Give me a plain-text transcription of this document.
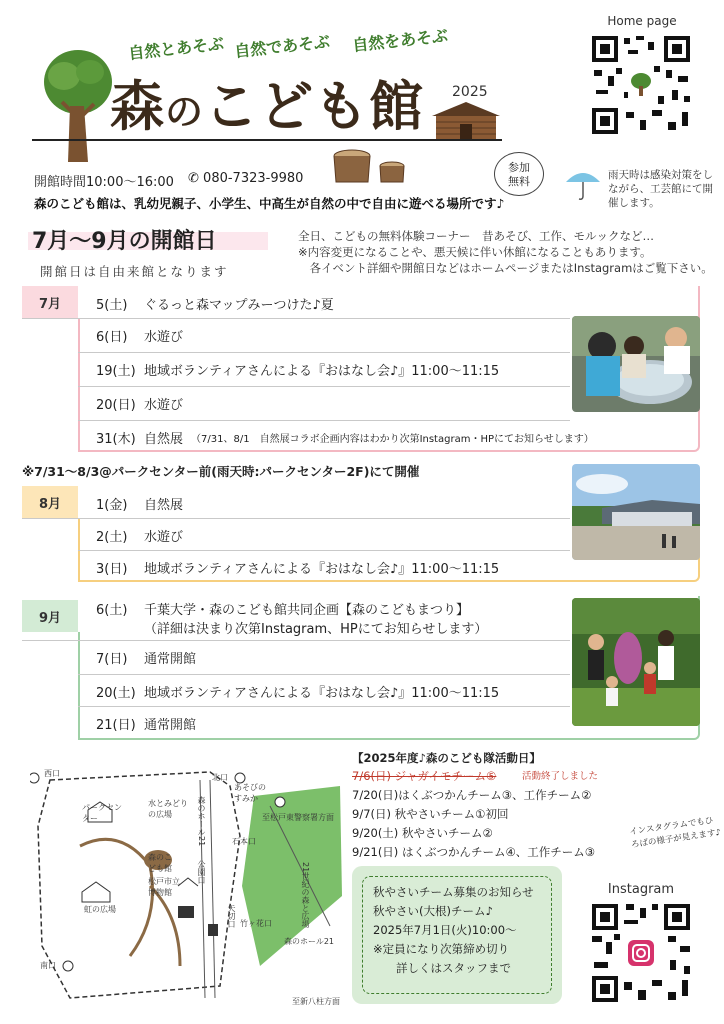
自然とあそぶ 自然であそぶ 自然をあそぶ
森のこども館 2025
開館時間10:00～16:00 ✆ 080-7323-9980
参加
無料
森のこども館は、乳幼児親子、小学生、中高生が自然の中で自由に遊べる場所です♪
Home page
雨天時は感染対策をしながら、工芸館にて開催します。
7月～9月の開館日
開館日は自由来館となります
全日、こどもの無料体験コーナー　昔あそび、工作、モルックなど…
※内容変更になることや、悪天候に伴い休館になることもあります。
　各イベント詳細や開館日などはホームページまたはInstagramはご覧下さい。
7月	5(土)	ぐるっと森マップみーつけた♪夏
6(日)	水遊び
19(土) 地域ボランティアさんによる『おはなし会♪』11:00～11:15
20(日) 水遊び
31(木) 自然展 （7/31、8/1　自然展コラボ企画内容はわかり次第Instagram・HPにてお知らせします）
※7/31～8/3@パークセンター前(雨天時:パークセンター2F)にて開催
8月	1(金)	自然展
2(土)	水遊び
3(日)	地域ボランティアさんによる『おはなし会♪』11:00～11:15
9月
6(土)	千葉大学・森のこども館共同企画【森のこどもまつり】
（詳細は決まり次第Instagram、HPにてお知らせします）
7(日)	通常開館
20(土) 地域ボランティアさんによる『おはなし会♪』11:00～11:15
21(日) 通常開館
西口
パークセンター
水とみどりの広場	森のホール21
公園口
矢切口
北口
あそびのすみか
森のこども館
松戸市立博物館
虹の広場
南口
竹ヶ花口
石本口
至松戸東警察署方面
至新八柱方面
森のホール21
21世紀の森と広場
【2025年度♪森のこども隊活動日】
7/6(日) ジャガイモチーム⑤	活動終了しました
7/20(日)はくぶつかんチーム③、工作チーム②
9/7(日) 秋やさいチーム①初回
9/20(土) 秋やさいチーム②
9/21(日) はくぶつかんチーム④、工作チーム③
秋やさいチーム募集のお知らせ
秋やさい(大根)チーム♪
2025年7月1日(火)10:00～
※定員になり次第締め切り
　　詳しくはスタッフまで
インスタグラムでもひろばの様子が見えます♪
Instagram
